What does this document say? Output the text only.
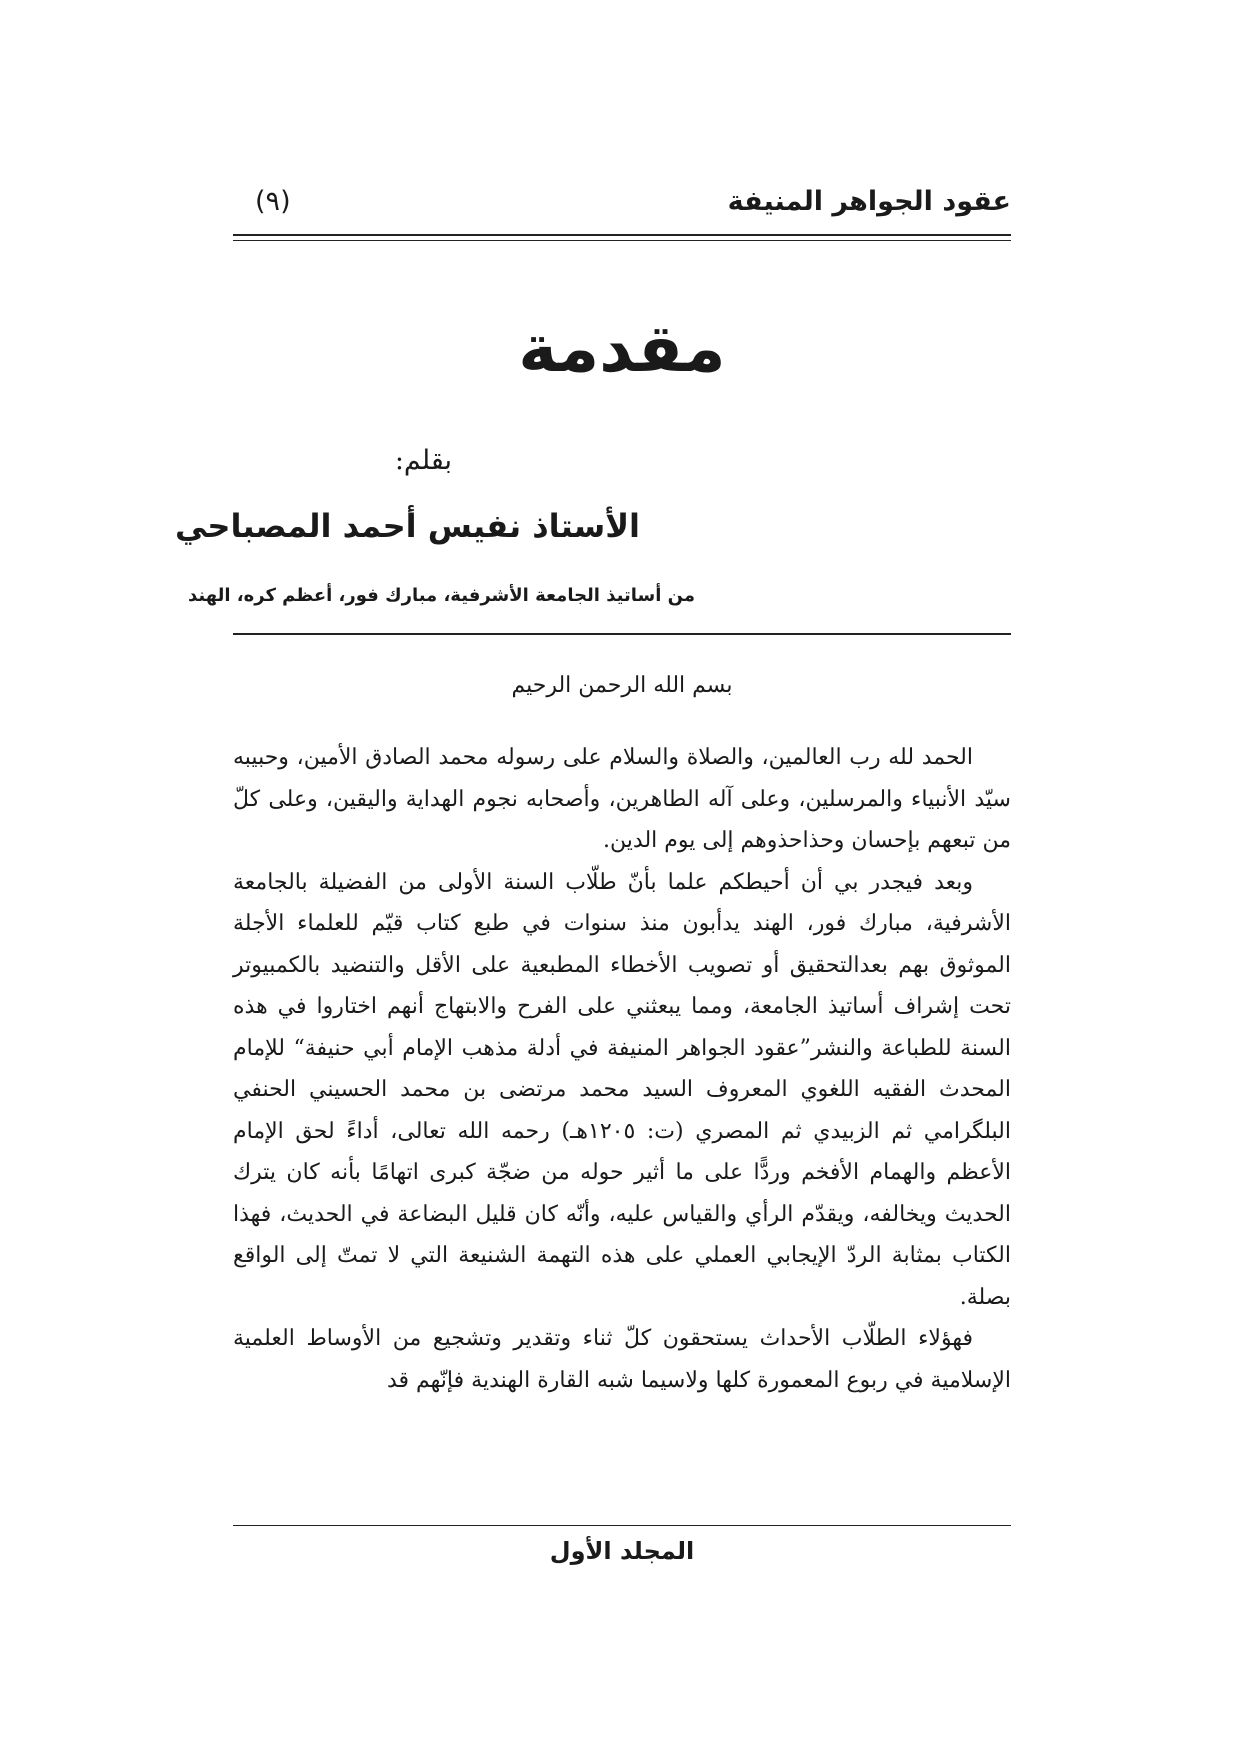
عقود الجواهر المنيفة
(٩)
مقدمة
بقلم:
الأستاذ نفيس أحمد المصباحي
من أساتيذ الجامعة الأشرفية، مبارك فور، أعظم كره، الهند
بسم الله الرحمن الرحيم

الحمد لله رب العالمين، والصلاة والسلام على رسوله محمد الصادق الأمين، وحبيبه سيّد الأنبياء والمرسلين، وعلى آله الطاهرين، وأصحابه نجوم الهداية واليقين، وعلى كلّ من تبعهم بإحسان وحذاحذوهم إلى يوم الدين.

وبعد فيجدر بي أن أحيطكم علما بأنّ طلّاب السنة الأولى من الفضيلة بالجامعة الأشرفية، مبارك فور، الهند يدأبون منذ سنوات في طبع كتاب قيّم للعلماء الأجلة الموثوق بهم بعدالتحقيق أو تصويب الأخطاء المطبعية على الأقل والتنضيد بالكمبيوتر تحت إشراف أساتيذ الجامعة، ومما يبعثني على الفرح والابتهاج أنهم اختاروا في هذه السنة للطباعة والنشر”عقود الجواهر المنيفة في أدلة مذهب الإمام أبي حنيفة“ للإمام المحدث الفقيه اللغوي المعروف السيد محمد مرتضى بن محمد الحسيني الحنفي البلگرامي ثم الزبيدي ثم المصري (ت: ١٢٠٥هـ) رحمه الله تعالى، أداءً لحق الإمام الأعظم والهمام الأفخم وردًّا على ما أثير حوله من ضجّة كبرى اتهامًا بأنه كان يترك الحديث ويخالفه، ويقدّم الرأي والقياس عليه، وأنّه كان قليل البضاعة في الحديث، فهذا الكتاب بمثابة الردّ الإيجابي العملي على هذه التهمة الشنيعة التي لا تمتّ إلى الواقع بصلة.

فهؤلاء الطلّاب الأحداث يستحقون كلّ ثناء وتقدير وتشجيع من الأوساط العلمية الإسلامية في ربوع المعمورة كلها ولاسيما شبه القارة الهندية فإنّهم قد

المجلد الأول
